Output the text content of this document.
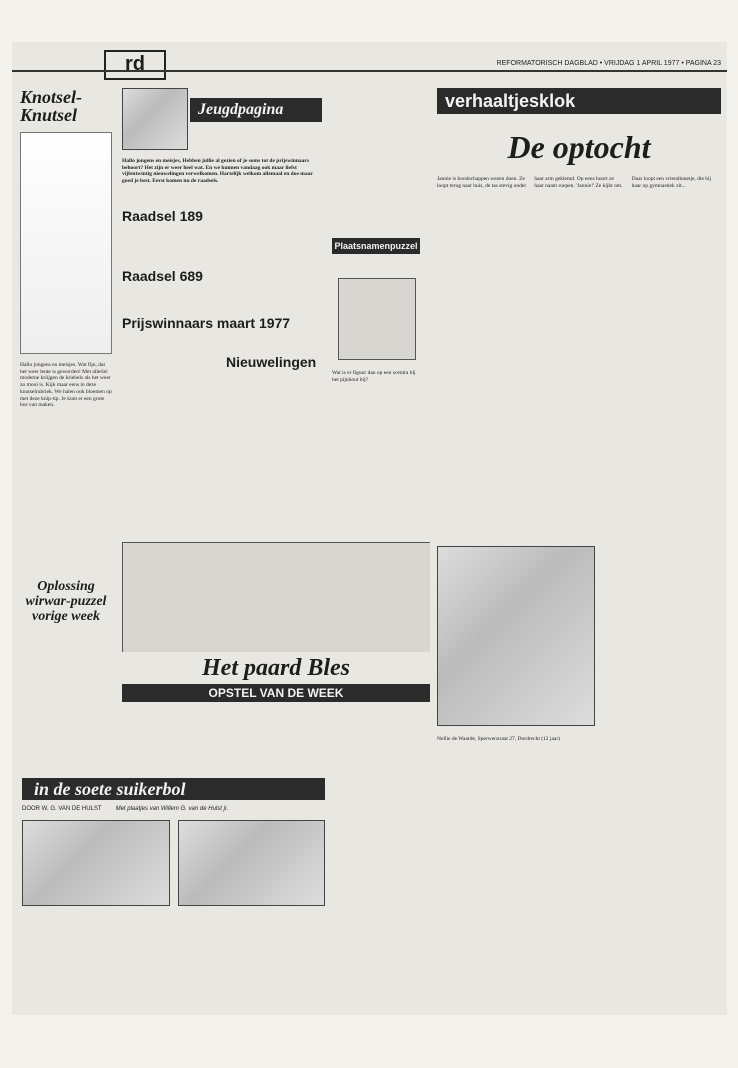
rd	REFORMATORISCH DAGBLAD • VRIJDAG 1 APRIL 1977 • PAGINA 23
Knotsel-Knutsel
Hallo jongens en meisjes. Wat fijn, dat het weer lente is geworden! Met allerlei moderne kriijgen de kriebels als het weer zo mooi is. Kijk maar eens in deze knutselrubriek. We halen ook bloemen op met deze knip-tip. Je kunt er een grote bos van maken.
Oplossing wirwar-puzzel vorige week
Jeugdpagina
Hallo jongens en meisjes, Hebben jullie al gezien of je soms tot de prijswinnaars behoort? Het zijn er weer heel wat. En we kunnen vandaag ook maar liefst vijfentwintig nieuwelingen verwelkomen. Hartelijk welkom allemaal en doe maar goed je best. Eerst komen nu de raadsels.
Raadsel 189
Raadsel 689
Prijswinnaars maart 1977
Nieuwelingen
Plaatsnamenpuzzel
Wat is er figuur dan op een scentra bij het pijnhout bij?
Het paard Bles
OPSTEL VAN DE WEEK
in de soete suikerbol
DOOR W. G. VAN DE HULST Met plaatjes van Willem G. van de Hulst jr.
verhaaltjesklok
De optocht
Jannie is boodschappen wezen doen. Ze loopt terug naar huis, de tas stevig onder haar arm geklemd. Op eens hoort ze haar naam roepen. 'Jannie!' Ze kijkt om. Daar loopt een vriendinnetje, die bij haar op gymnastiek zit...
Nellie de Waarde, Sperwerstraat 27, Dordrecht (12 jaar)
